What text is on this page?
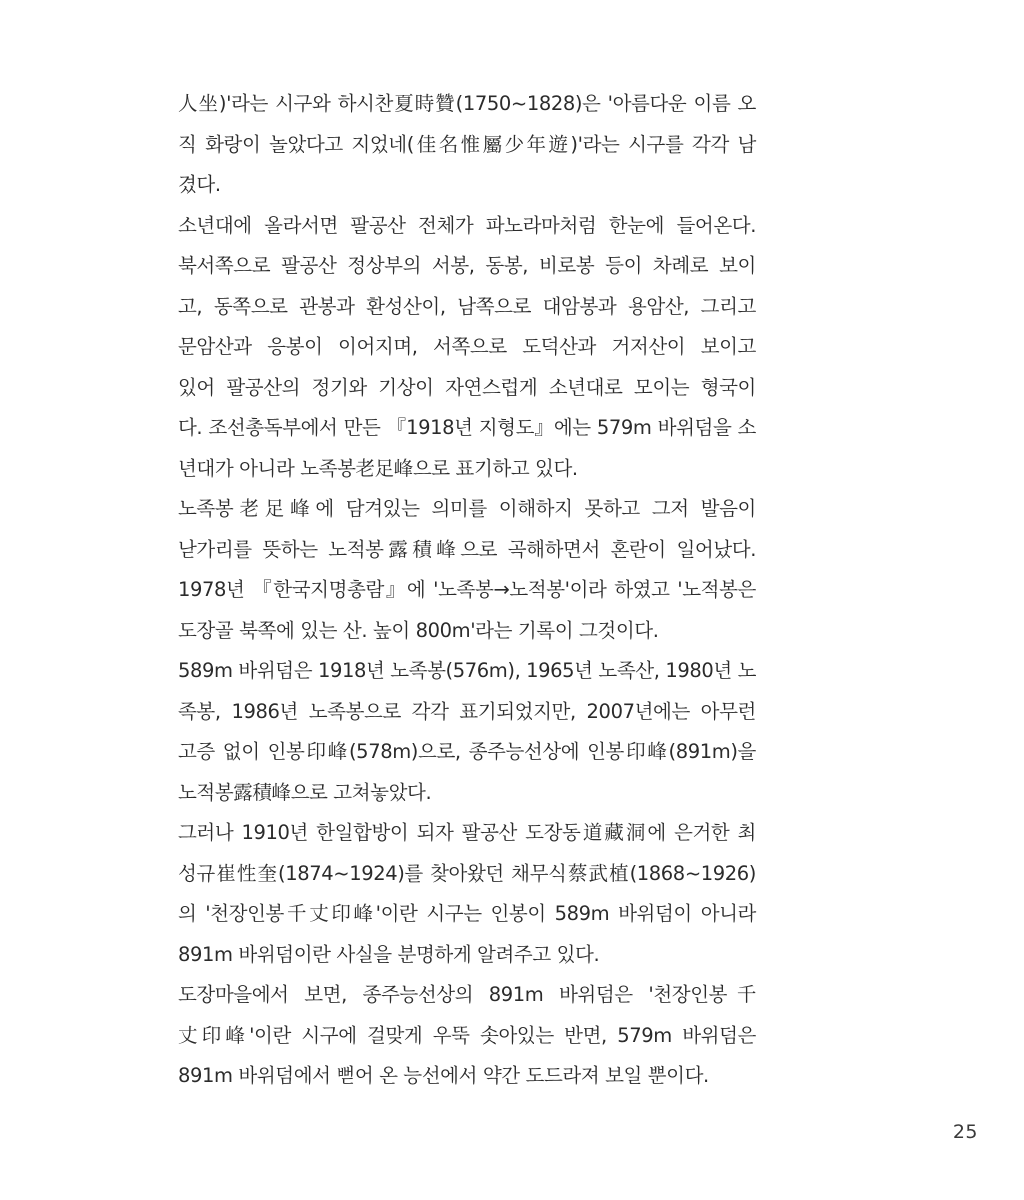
人坐)'라는 시구와 하시찬夏時贊(1750~1828)은 '아름다운 이름 오
직 화랑이 놀았다고 지었네(佳名惟屬少年遊)'라는 시구를 각각 남
겼다.
소년대에 올라서면 팔공산 전체가 파노라마처럼 한눈에 들어온다.
북서쪽으로 팔공산 정상부의 서봉, 동봉, 비로봉 등이 차례로 보이
고, 동쪽으로 관봉과 환성산이, 남쪽으로 대암봉과 용암산, 그리고
문암산과 응봉이 이어지며, 서쪽으로 도덕산과 거저산이 보이고
있어 팔공산의 정기와 기상이 자연스럽게 소년대로 모이는 형국이
다. 조선총독부에서 만든 『1918년 지형도』에는 579m 바위덤을 소
년대가 아니라 노족봉老足峰으로 표기하고 있다.
노족봉老足峰에 담겨있는 의미를 이해하지 못하고 그저 발음이
낟가리를 뜻하는 노적봉露積峰으로 곡해하면서 혼란이 일어났다.
1978년 『한국지명총람』에 '노족봉→노적봉'이라 하였고 '노적봉은
도장골 북쪽에 있는 산. 높이 800m'라는 기록이 그것이다.
589m 바위덤은 1918년 노족봉(576m), 1965년 노족산, 1980년 노
족봉, 1986년 노족봉으로 각각 표기되었지만, 2007년에는 아무런
고증 없이 인봉印峰(578m)으로, 종주능선상에 인봉印峰(891m)을
노적봉露積峰으로 고쳐놓았다.
그러나 1910년 한일합방이 되자 팔공산 도장동道藏洞에 은거한 최
성규崔性奎(1874~1924)를 찾아왔던 채무식蔡武植(1868~1926)
의 '천장인봉千丈印峰'이란 시구는 인봉이 589m 바위덤이 아니라
891m 바위덤이란 사실을 분명하게 알려주고 있다.
도장마을에서 보면, 종주능선상의 891m 바위덤은 '천장인봉千
丈印峰'이란 시구에 걸맞게 우뚝 솟아있는 반면, 579m 바위덤은
891m 바위덤에서 뻗어 온 능선에서 약간 도드라져 보일 뿐이다.
25
